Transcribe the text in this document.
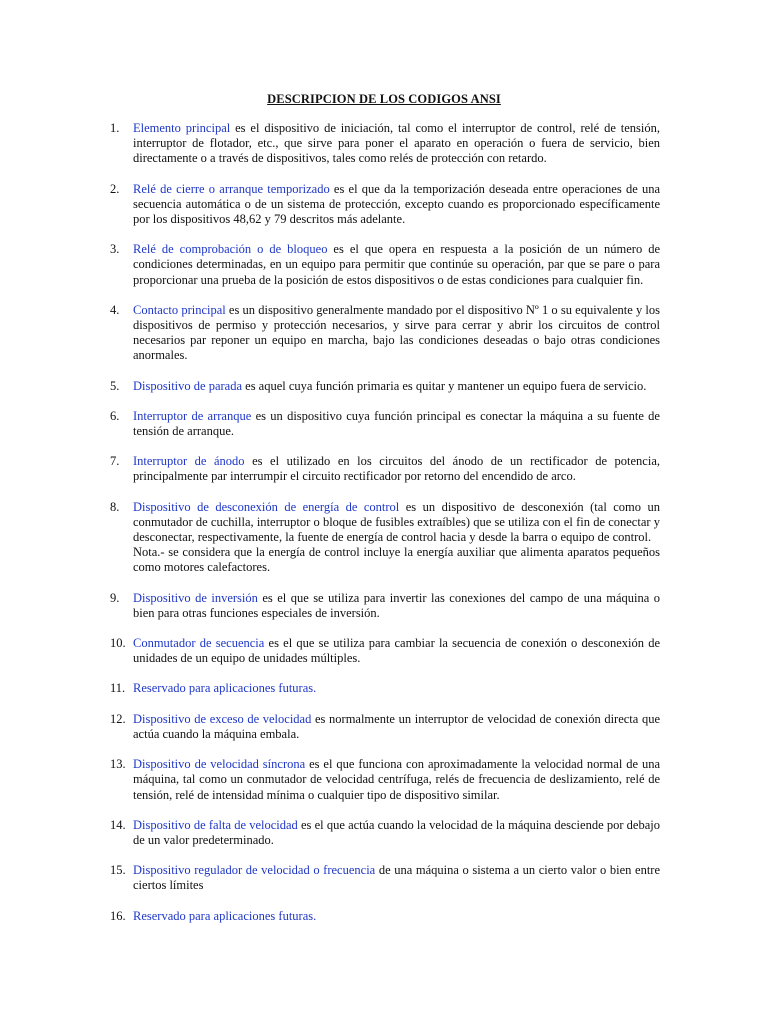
DESCRIPCION DE LOS CODIGOS ANSI
1.	Elemento principal es el dispositivo de iniciación, tal como el interruptor de control, relé de tensión, interruptor de flotador, etc., que sirve para poner el aparato en operación o fuera de servicio, bien directamente o a través de dispositivos, tales como relés de protección con retardo.
2.	Relé de cierre o arranque temporizado es el que da la temporización deseada entre operaciones de una secuencia automática o de un sistema de protección, excepto cuando es proporcionado específicamente por los dispositivos 48,62 y 79 descritos más adelante.
3.	Relé de comprobación o de bloqueo es el que opera en respuesta a la posición de un número de condiciones determinadas, en un equipo para permitir que continúe su operación, par que se pare o para proporcionar una prueba de la posición de estos dispositivos o de estas condiciones para cualquier fin.
4.	Contacto principal es un dispositivo generalmente mandado por el dispositivo Nº 1 o su equivalente y los dispositivos de permiso y protección necesarios, y sirve para cerrar y abrir los circuitos de control necesarios par reponer un equipo en marcha, bajo las condiciones deseadas o bajo otras condiciones anormales.
5.	Dispositivo de parada es aquel cuya función primaria es quitar y mantener un equipo fuera de servicio.
6.	Interruptor de arranque es un dispositivo cuya función principal es conectar la máquina a su fuente de tensión de arranque.
7.	Interruptor de ánodo es el utilizado en los circuitos del ánodo de un rectificador de potencia, principalmente par interrumpir el circuito rectificador por retorno del encendido de arco.
8.	Dispositivo de desconexión de energía de control es un dispositivo de desconexión (tal como un conmutador de cuchilla, interruptor o bloque de fusibles extraíbles) que se utiliza con el fin de conectar y desconectar, respectivamente, la fuente de energía de control hacia y desde la barra o equipo de control.
Nota.- se considera que la energía de control incluye la energía auxiliar que alimenta aparatos pequeños como motores calefactores.
9.	Dispositivo de inversión es el que se utiliza para invertir las conexiones del campo de una máquina o bien para otras funciones especiales de inversión.
10. Conmutador de secuencia es el que se utiliza para cambiar la secuencia de conexión o desconexión de unidades de un equipo de unidades múltiples.
11. Reservado para aplicaciones futuras.
12. Dispositivo de exceso de velocidad es normalmente un interruptor de velocidad de conexión directa que actúa cuando la máquina embala.
13. Dispositivo de velocidad síncrona es el que funciona con aproximadamente la velocidad normal de una máquina, tal como un conmutador de velocidad centrífuga, relés de frecuencia de deslizamiento, relé de tensión, relé de intensidad mínima o cualquier tipo de dispositivo similar.
14. Dispositivo de falta de velocidad es el que actúa cuando la velocidad de la máquina desciende por debajo de un valor predeterminado.
15. Dispositivo regulador de velocidad o frecuencia de una máquina o sistema a un cierto valor o bien entre ciertos límites
16. Reservado para aplicaciones futuras.
